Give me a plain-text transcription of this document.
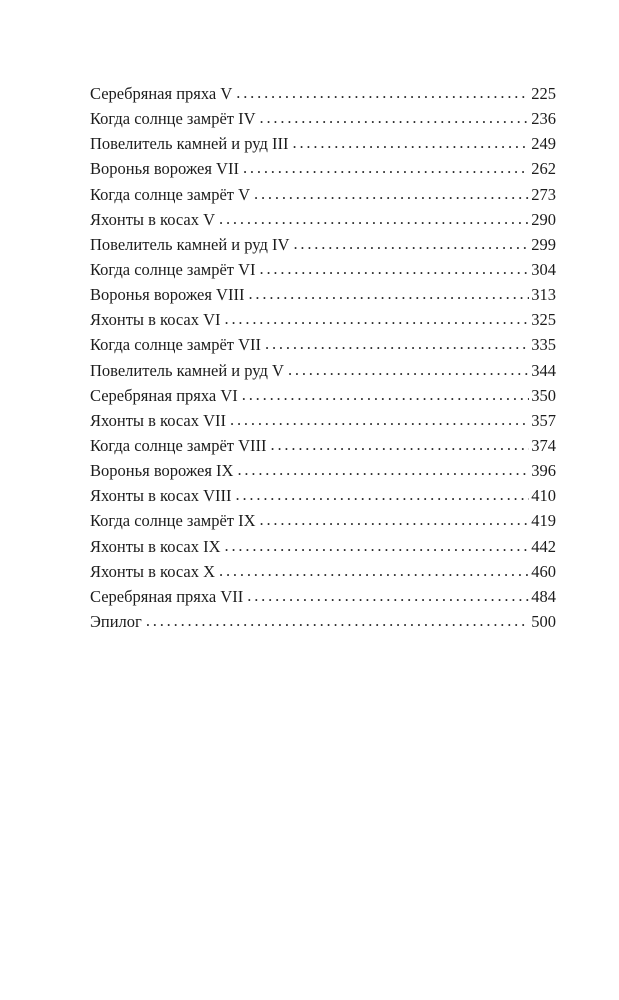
Серебряная пряха V . . .	225
Когда солнце замрёт IV . . .	236
Повелитель камней и руд III . . .	249
Воронья ворожея VII . . .	262
Когда солнце замрёт V . . .	273
Яхонты в косах V . . .	290
Повелитель камней и руд IV . . .	299
Когда солнце замрёт VI . . .	304
Воронья ворожея VIII . . .	313
Яхонты в косах VI . . .	325
Когда солнце замрёт VII . . .	335
Повелитель камней и руд V . . .	344
Серебряная пряха VI . . .	350
Яхонты в косах VII . . .	357
Когда солнце замрёт VIII . . .	374
Воронья ворожея IX . . .	396
Яхонты в косах VIII . . .	410
Когда солнце замрёт IX . . .	419
Яхонты в косах IX . . .	442
Яхонты в косах X . . .	460
Серебряная пряха VII . . .	484
Эпилог . . .	500
